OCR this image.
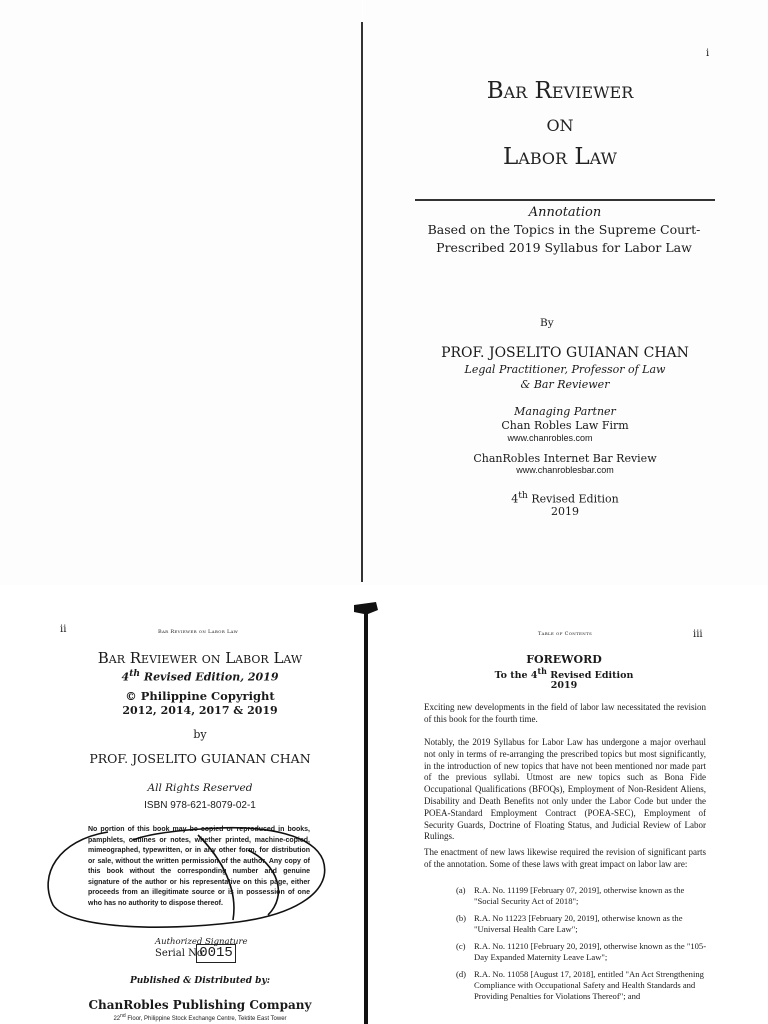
i
Bar Reviewer
on
Labor Law
Annotation
Based on the Topics in the Supreme Court-Prescribed 2019 Syllabus for Labor Law
By
PROF. JOSELITO GUIANAN CHAN
Legal Practitioner, Professor of Law
& Bar Reviewer
Managing Partner
Chan Robles Law Firm
www.chanrobles.com
ChanRobles Internet Bar Review
www.chanroblesbar.com
4th Revised Edition
2019
ii	Bar Reviewer on Labor Law
Bar Reviewer on Labor Law
4th Revised Edition, 2019
© Philippine Copyright
2012, 2014, 2017 & 2019
by
PROF. JOSELITO GUIANAN CHAN
All Rights Reserved
ISBN 978-621-8079-02-1
No portion of this book may be copied or reproduced in books, pamphlets, outlines or notes, whether printed, machine-copied, mimeographed, typewritten, or in any other form, for distribution or sale, without the written permission of the author. Any copy of this book without the corresponding number and genuine signature of the author or his representative on this page, either proceeds from an illegitimate source or is in possession of one who has no authority to dispose thereof.
Authorized Signature
Serial No.
0015
Published & Distributed by:
ChanRobles Publishing Company
22nd Floor, Philippine Stock Exchange Centre, Tektite East Tower
Table of Contents	iii
FOREWORD
To the 4th Revised Edition
2019
Exciting new developments in the field of labor law necessitated the revision of this book for the fourth time.
Notably, the 2019 Syllabus for Labor Law has undergone a major overhaul not only in terms of re-arranging the prescribed topics but most significantly, in the introduction of new topics that have not been mentioned nor made part of the previous syllabi. Utmost are new topics such as Bona Fide Occupational Qualifications (BFOQs), Employment of Non-Resident Aliens, Disability and Death Benefits not only under the Labor Code but under the POEA-Standard Employment Contract (POEA-SEC), Employment of Security Guards, Doctrine of Floating Status, and Judicial Review of Labor Rulings.
The enactment of new laws likewise required the revision of significant parts of the annotation. Some of these laws with great impact on labor law are:
(a) R.A. No. 11199 [February 07, 2019], otherwise known as the "Social Security Act of 2018";
(b) R.A. No 11223 [February 20, 2019], otherwise known as the "Universal Health Care Law";
(c) R.A. No. 11210 [February 20, 2019], otherwise known as the "105-Day Expanded Maternity Leave Law";
(d) R.A. No. 11058 [August 17, 2018], entitled "An Act Strengthening Compliance with Occupational Safety and Health Standards and Providing Penalties for Violations Thereof"; and
